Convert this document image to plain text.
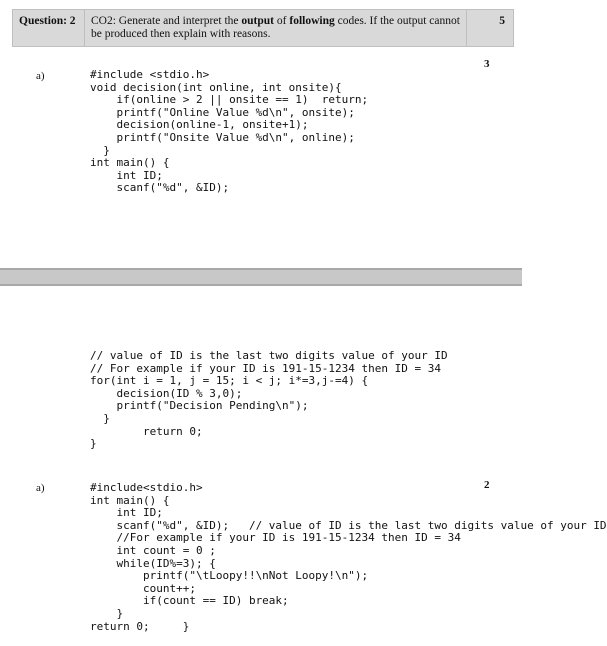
Question: 2 CO2: Generate and interpret the output of following codes. If the output cannot be produced then explain with reasons.
5
a)
3
#include <stdio.h>
void decision(int online, int onsite){
if(online > 2 || onsite == 1)  return;
printf("Online Value %d\n", onsite);
decision(online-1, onsite+1);
printf("Onsite Value %d\n", online);
}
int main() {
int ID;
scanf("%d", &ID);
// value of ID is the last two digits value of your ID
// For example if your ID is 191-15-1234 then ID = 34
for(int i = 1, j = 15; i < j; i*=3,j-=4) {
decision(ID % 3,0);
printf("Decision Pending\n");
}
return 0;
}
a)	2
#include<stdio.h>
int main() {
int ID;
scanf("%d", &ID);   // value of ID is the last two digits value of your ID
//For example if your ID is 191-15-1234 then ID = 34
int count = 0 ;
while(ID%=3); {
printf("\tLoopy!!\nNot Loopy!\n");
count++;
if(count == ID) break;
}
return 0;     }
